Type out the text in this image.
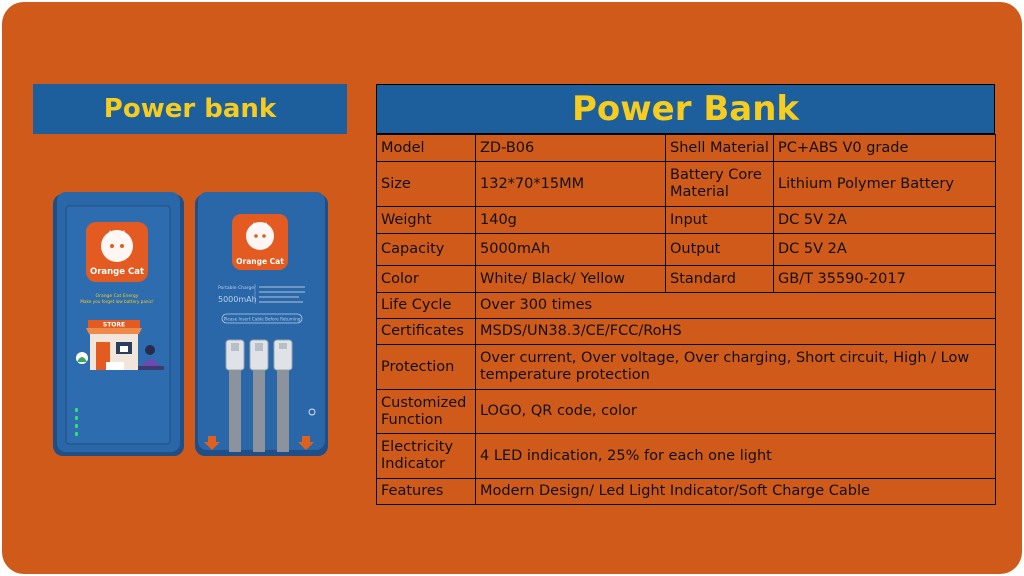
Power bank
Orange Cat
Orange Cat Energy
Make you forget low battery panic!
STORE
Orange Cat
Portable Charger
5000mAh
Please Insert Cable Before Returning
Power Bank
Model	ZD-B06	Shell Material	PC+ABS V0 grade
Size	132*70*15MM	Battery Core Material	Lithium Polymer Battery
Weight	140g	Input	DC 5V 2A
Capacity	5000mAh	Output	DC 5V 2A
Color	White/ Black/ Yellow	Standard	GB/T 35590-2017
Life Cycle	Over 300 times		
Certificates	MSDS/UN38.3/CE/FCC/RoHS		
Protection	Over current, Over voltage, Over charging, Short circuit, High / Low temperature protection		
Customized Function	LOGO, QR code, color		
Electricity Indicator	4 LED indication, 25% for each one light		
Features	Modern Design/ Led Light Indicator/Soft Charge Cable		
